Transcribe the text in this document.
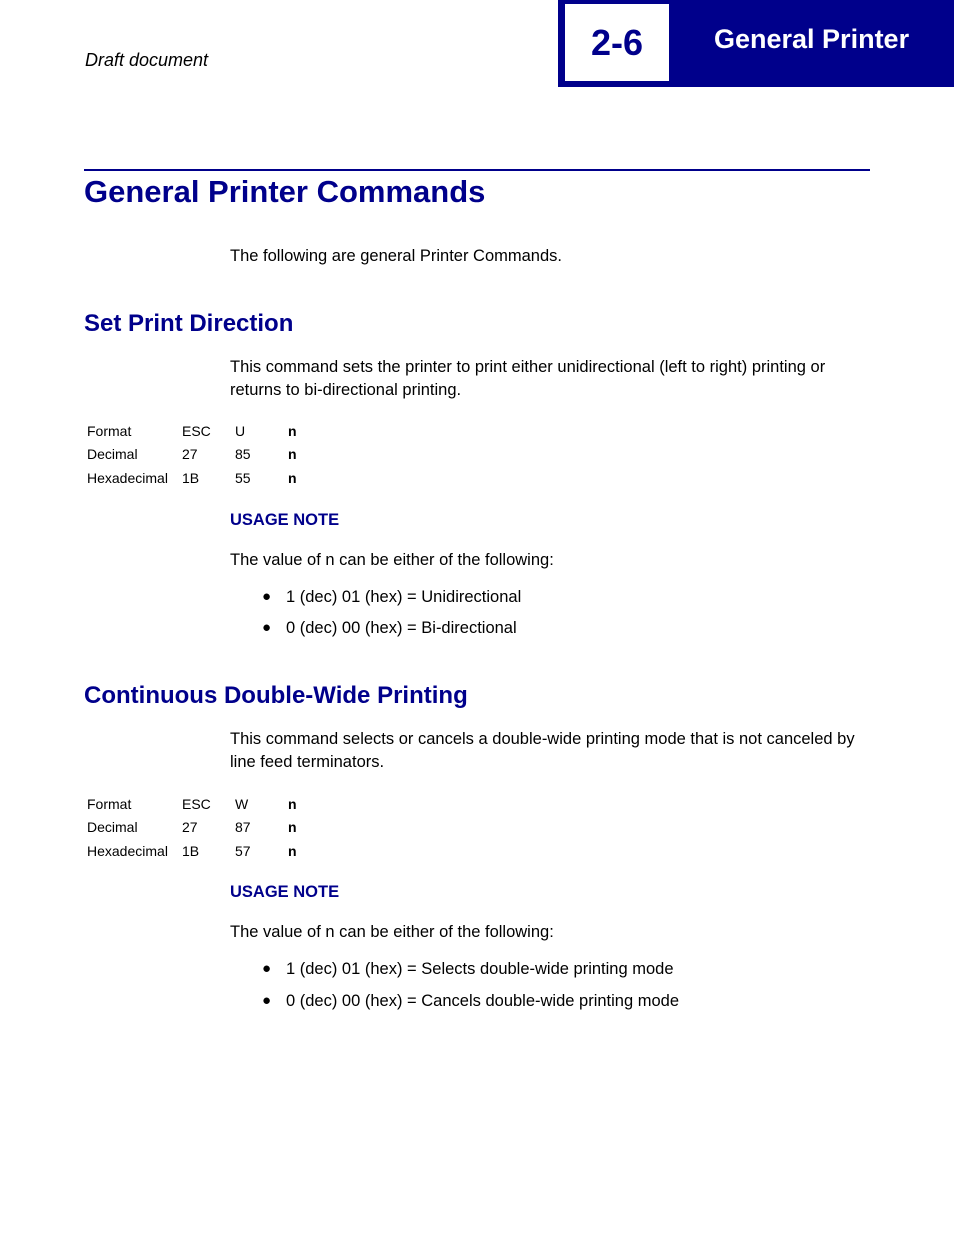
Draft document	2-6	General Printer
General Printer Commands
The following are general Printer Commands.
Set Print Direction
This command sets the printer to print either unidirectional (left to right) printing or returns to bi-directional printing.
Format	ESC	U	n
Decimal	27	85	n
Hexadecimal	1B	55	n
USAGE NOTE
The value of n can be either of the following:
● 1 (dec) 01 (hex) = Unidirectional
● 0 (dec) 00 (hex) = Bi-directional
Continuous Double-Wide Printing
This command selects or cancels a double-wide printing mode that is not canceled by line feed terminators.
Format	ESC	W	n
Decimal	27	87	n
Hexadecimal	1B	57	n
USAGE NOTE
The value of n can be either of the following:
● 1 (dec) 01 (hex) = Selects double-wide printing mode
● 0 (dec) 00 (hex) = Cancels double-wide printing mode
